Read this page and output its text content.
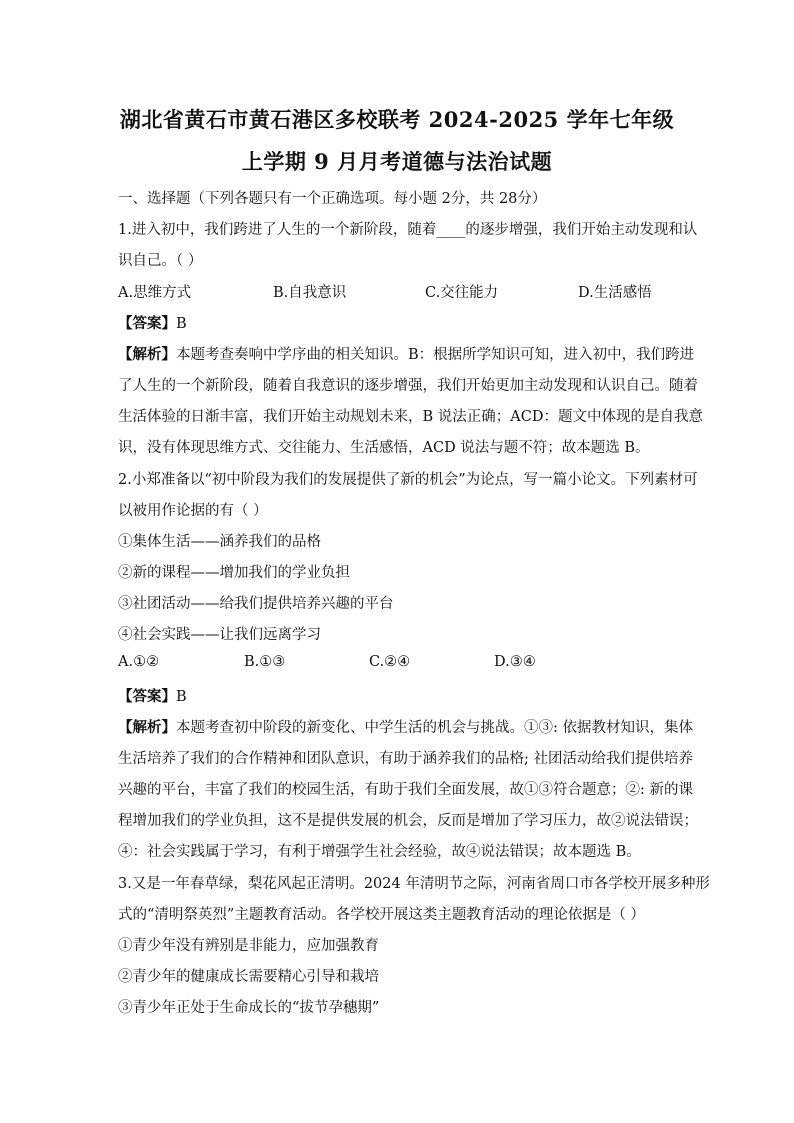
湖北省黄石市黄石港区多校联考 2024-2025 学年七年级
上学期 9 月月考道德与法治试题
一、选择题（下列各题只有一个正确选项。每小题 2分，共 28分）
1.进入初中，我们跨进了人生的一个新阶段，随着____的逐步增强，我们开始主动发现和认
识自己。（ ）
A.思维方式	B.自我意识	C.交往能力	D.生活感悟
【答案】B
【解析】本题考查奏响中学序曲的相关知识。B：根据所学知识可知，进入初中，我们跨进
了人生的一个新阶段，随着自我意识的逐步增强，我们开始更加主动发现和认识自己。随着
生活体验的日渐丰富，我们开始主动规划未来，B 说法正确；ACD：题文中体现的是自我意
识，没有体现思维方式、交往能力、生活感悟，ACD 说法与题不符；故本题选 B。
2.小郑准备以“初中阶段为我们的发展提供了新的机会”为论点，写一篇小论文。下列素材可
以被用作论据的有（ ）
①集体生活——涵养我们的品格
②新的课程——增加我们的学业负担
③社团活动——给我们提供培养兴趣的平台
④社会实践——让我们远离学习
A.①②	B.①③	C.②④	D.③④
【答案】B
【解析】本题考查初中阶段的新变化、中学生活的机会与挑战。①③: 依据教材知识，集体
生活培养了我们的合作精神和团队意识，有助于涵养我们的品格; 社团活动给我们提供培养
兴趣的平台，丰富了我们的校园生活，有助于我们全面发展，故①③符合题意；②: 新的课
程增加我们的学业负担，这不是提供发展的机会，反而是增加了学习压力，故②说法错误；
④：社会实践属于学习，有利于增强学生社会经验，故④说法错误；故本题选 B。
3.又是一年春草绿，梨花风起正清明。2024 年清明节之际，河南省周口市各学校开展多种形
式的“清明祭英烈”主题教育活动。各学校开展这类主题教育活动的理论依据是（ ）
①青少年没有辨别是非能力，应加强教育
②青少年的健康成长需要精心引导和栽培
③青少年正处于生命成长的“拔节孕穗期”
